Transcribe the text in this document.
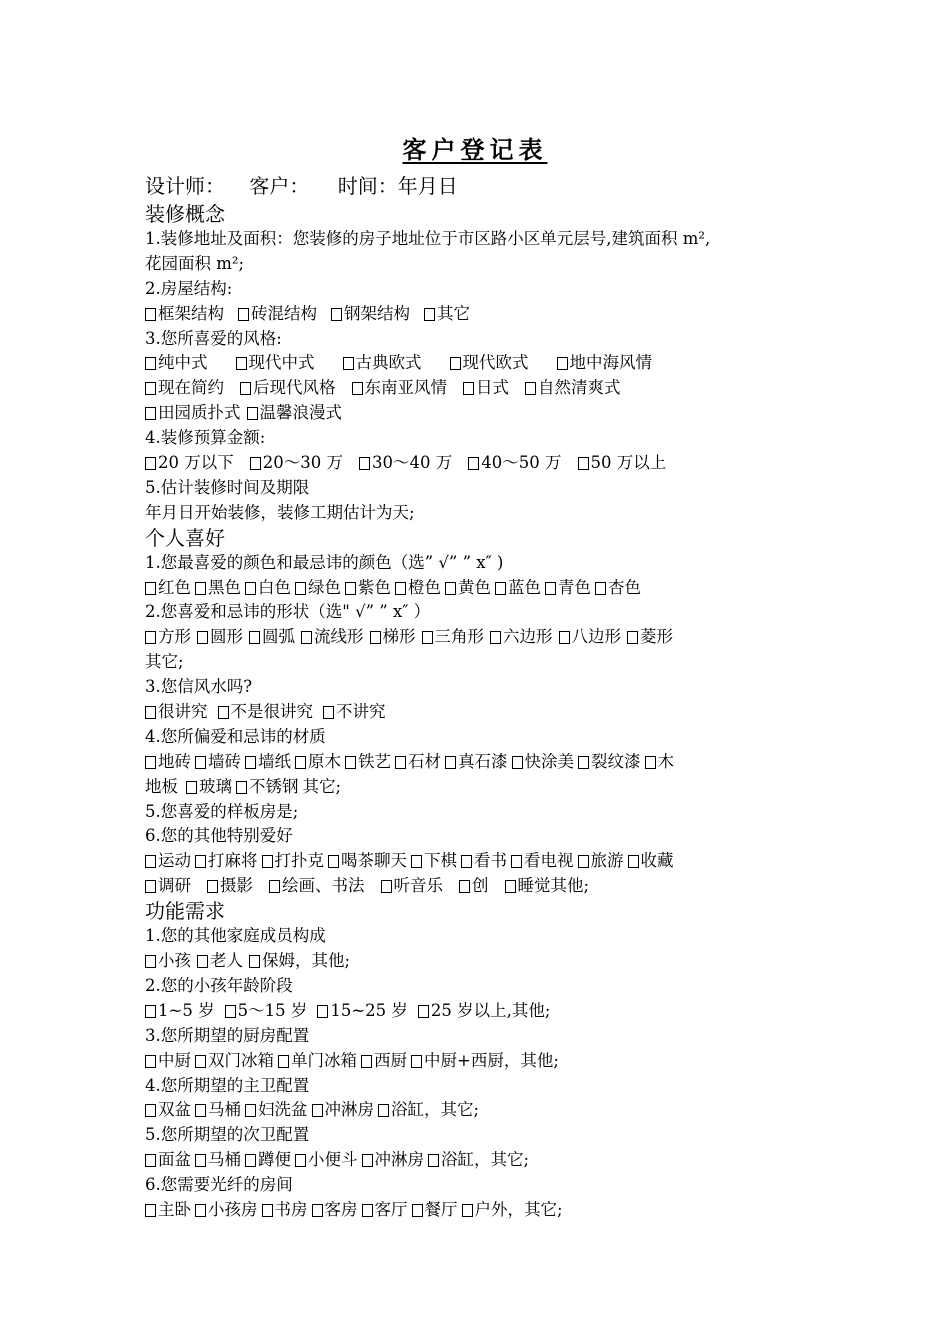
客户登记表
设计师： 客户： 时间：年月日
装修概念
1.装修地址及面积：您装修的房子地址位于市区路小区单元层号,建筑面积 m²,
花园面积 m²;
2.房屋结构:
框架结构 砖混结构 钢架结构 其它
3.您所喜爱的风格:
纯中式 现代中式 古典欧式 现代欧式 地中海风情
现在简约 后现代风格 东南亚风情 日式 自然清爽式
田园质扑式 温馨浪漫式
4.装修预算金额:
20 万以下 20～30 万 30～40 万 40～50 万 50 万以上
5.估计装修时间及期限
年月日开始装修，装修工期估计为天;
个人喜好
1.您最喜爱的颜色和最忌讳的颜色（选” √” ” x″ )
红色 黑色 白色 绿色 紫色 橙色 黄色 蓝色 青色 杏色
2.您喜爱和忌讳的形状（选" √” ” x″ ）
方形 圆形 圆弧 流线形 梯形 三角形 六边形 八边形 菱形
其它;
3.您信风水吗?
很讲究 不是很讲究 不讲究
4.您所偏爱和忌讳的材质
地砖 墙砖 墙纸 原木 铁艺 石材 真石漆 快涂美 裂纹漆 木
地板 玻璃 不锈钢 其它;
5.您喜爱的样板房是;
6.您的其他特别爱好
运动 打麻将 打扑克 喝茶聊天 下棋 看书 看电视 旅游 收藏
调研 摄影 绘画、书法 听音乐 创 睡觉其他;
功能需求
1.您的其他家庭成员构成
小孩 老人 保姆，其他;
2.您的小孩年龄阶段
1~5 岁 5～15 岁 15~25 岁 25 岁以上,其他;
3.您所期望的厨房配置
中厨 双门冰箱 单门冰箱 西厨 中厨+西厨，其他;
4.您所期望的主卫配置
双盆 马桶 妇洗盆 冲淋房 浴缸，其它;
5.您所期望的次卫配置
面盆 马桶 蹲便 小便斗 冲淋房 浴缸，其它;
6.您需要光纤的房间
主卧 小孩房 书房 客房 客厅 餐厅 户外，其它;
